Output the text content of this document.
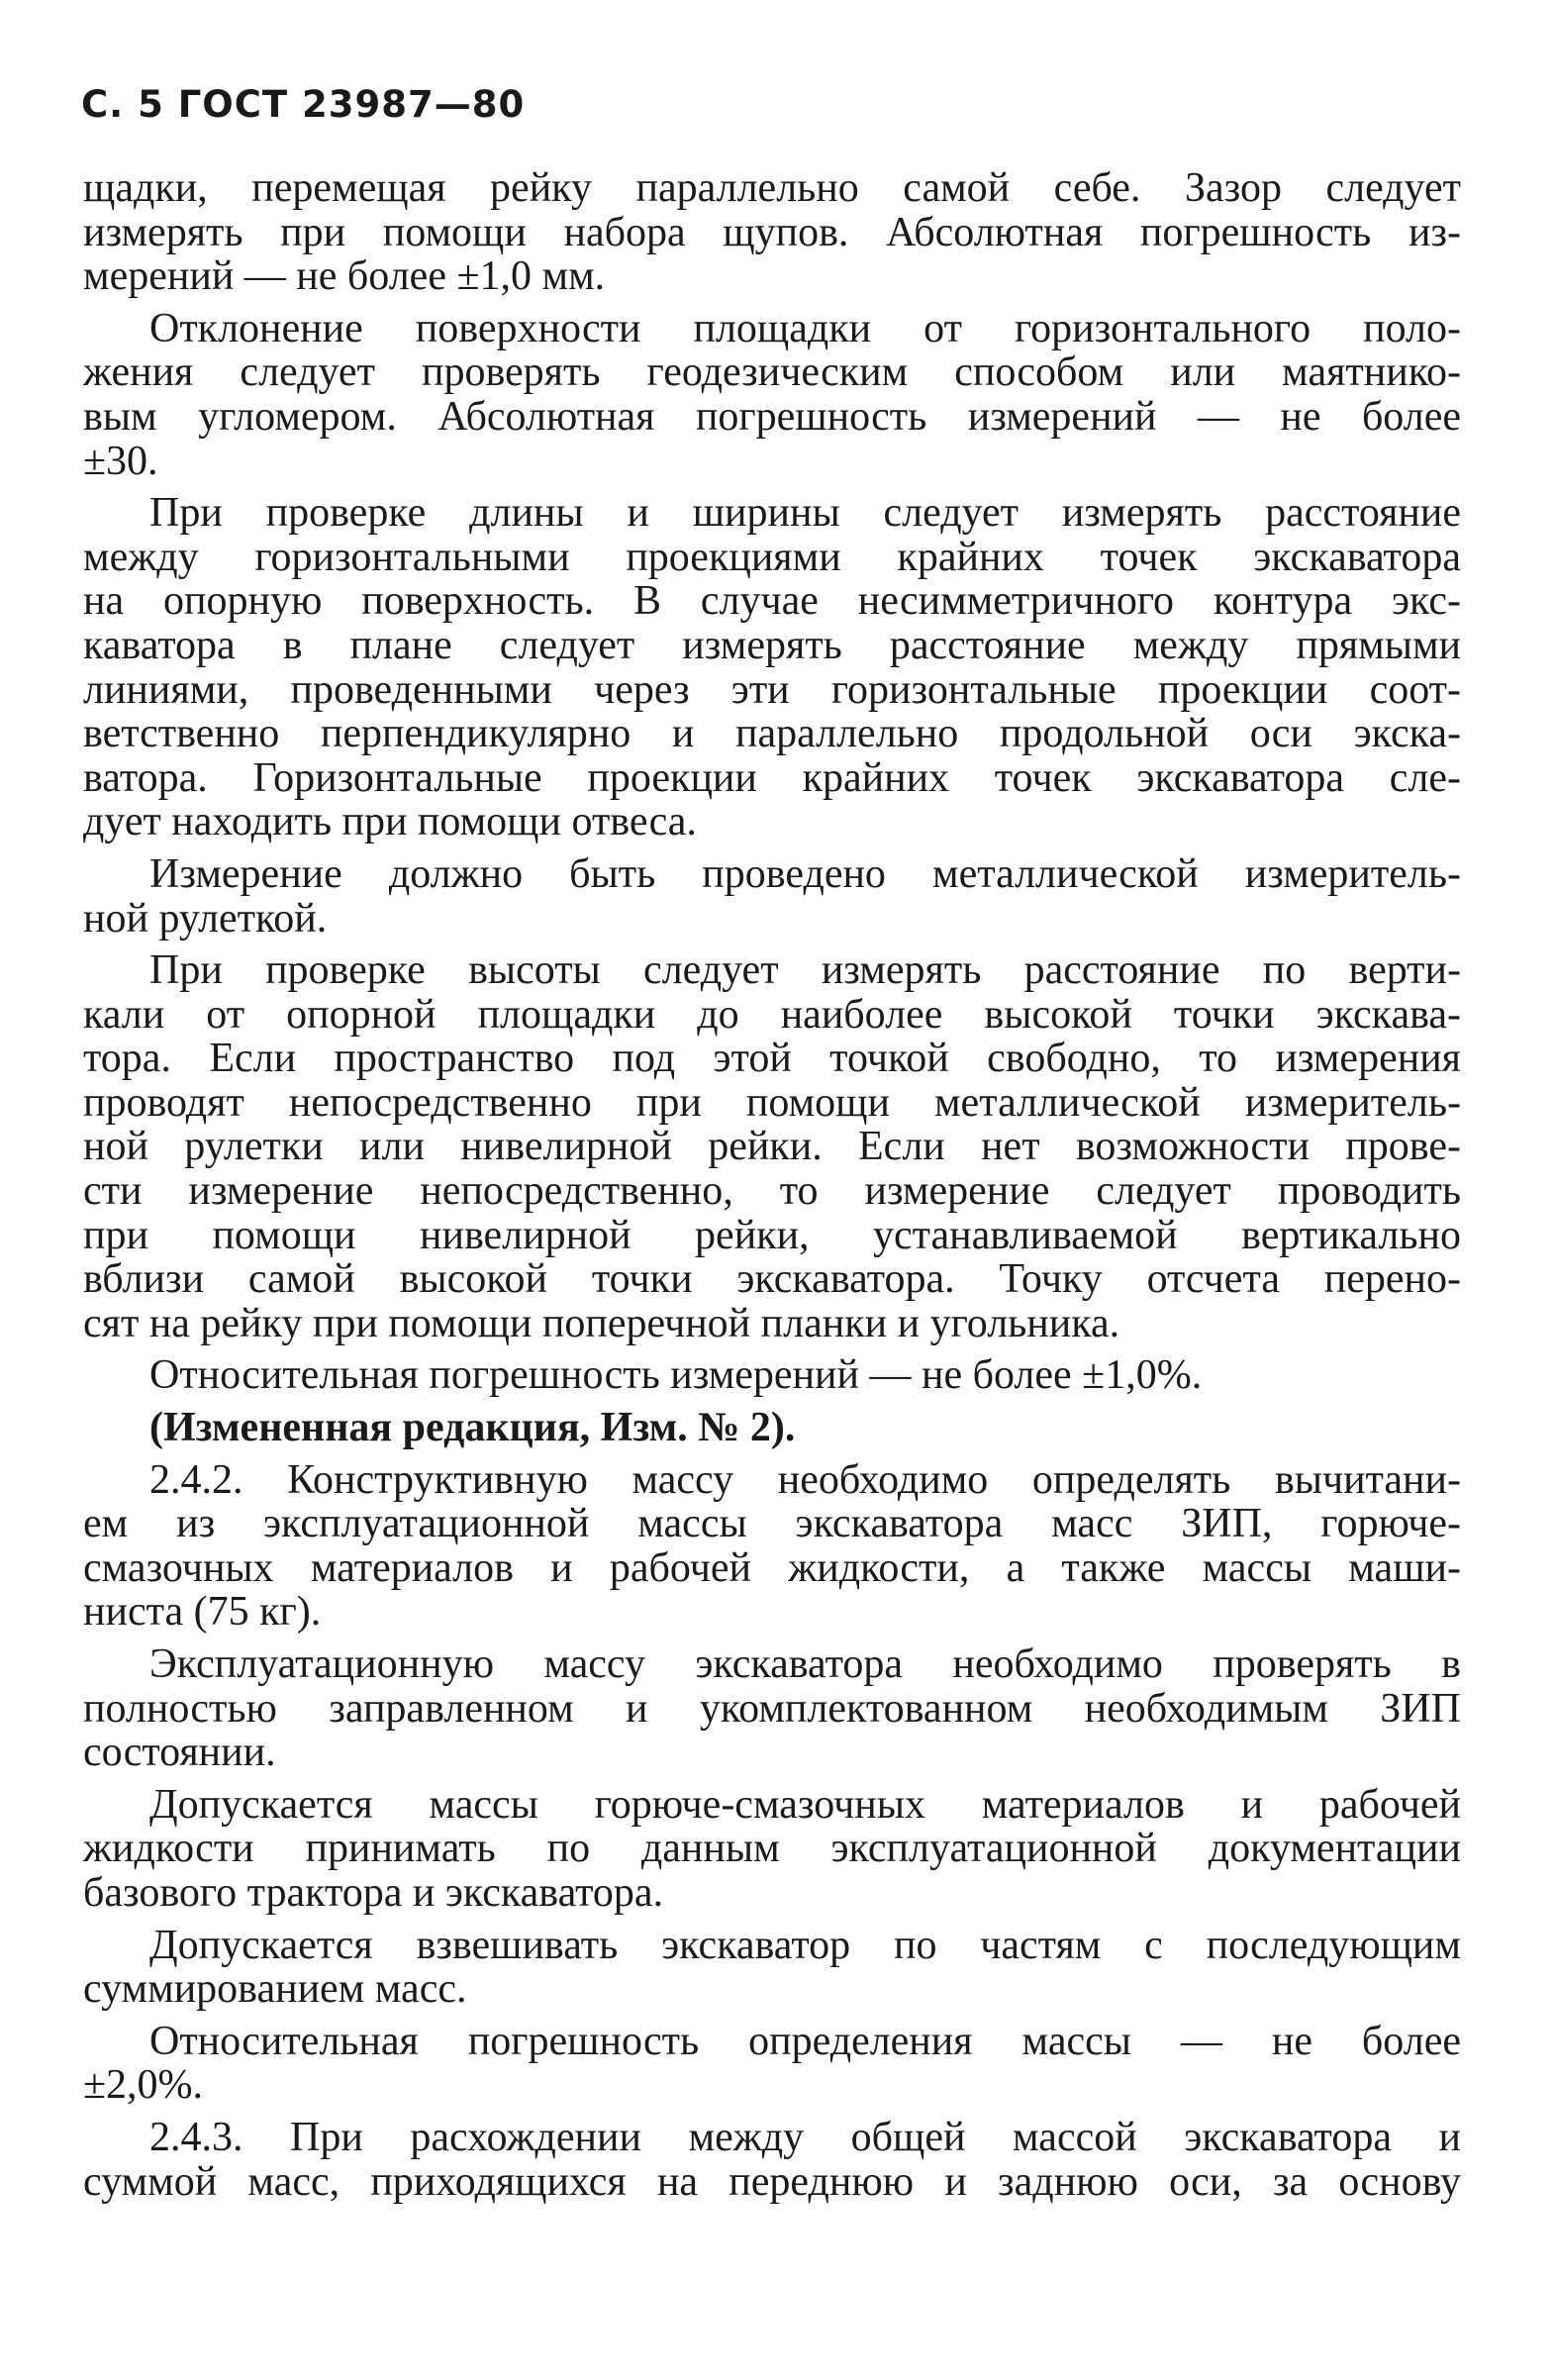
С. 5 ГОСТ 23987—80
щадки, перемещая рейку параллельно самой себе. Зазор следует
измерять при помощи набора щупов. Абсолютная погрешность из-
мерений — не более ±1,0 мм.
Отклонение поверхности площадки от горизонтального поло-
жения следует проверять геодезическим способом или маятнико-
вым угломером. Абсолютная погрешность измерений — не более
±30.
При проверке длины и ширины следует измерять расстояние
между горизонтальными проекциями крайних точек экскаватора
на опорную поверхность. В случае несимметричного контура экс-
каватора в плане следует измерять расстояние между прямыми
линиями, проведенными через эти горизонтальные проекции соот-
ветственно перпендикулярно и параллельно продольной оси экска-
ватора. Горизонтальные проекции крайних точек экскаватора сле-
дует находить при помощи отвеса.
Измерение должно быть проведено металлической измеритель-
ной рулеткой.
При проверке высоты следует измерять расстояние по верти-
кали от опорной площадки до наиболее высокой точки экскава-
тора. Если пространство под этой точкой свободно, то измерения
проводят непосредственно при помощи металлической измеритель-
ной рулетки или нивелирной рейки. Если нет возможности прове-
сти измерение непосредственно, то измерение следует проводить
при помощи нивелирной рейки, устанавливаемой вертикально
вблизи самой высокой точки экскаватора. Точку отсчета перено-
сят на рейку при помощи поперечной планки и угольника.
Относительная погрешность измерений — не более ±1,0%.
(Измененная редакция, Изм. № 2).
2.4.2. Конструктивную массу необходимо определять вычитани-
ем из эксплуатационной массы экскаватора масс ЗИП, горюче-
смазочных материалов и рабочей жидкости, а также массы маши-
ниста (75 кг).
Эксплуатационную массу экскаватора необходимо проверять в
полностью заправленном и укомплектованном необходимым ЗИП
состоянии.
Допускается массы горюче-смазочных материалов и рабочей
жидкости принимать по данным эксплуатационной документации
базового трактора и экскаватора.
Допускается взвешивать экскаватор по частям с последующим
суммированием масс.
Относительная погрешность определения массы — не более
±2,0%.
2.4.3. При расхождении между общей массой экскаватора и
суммой масс, приходящихся на переднюю и заднюю оси, за основу
